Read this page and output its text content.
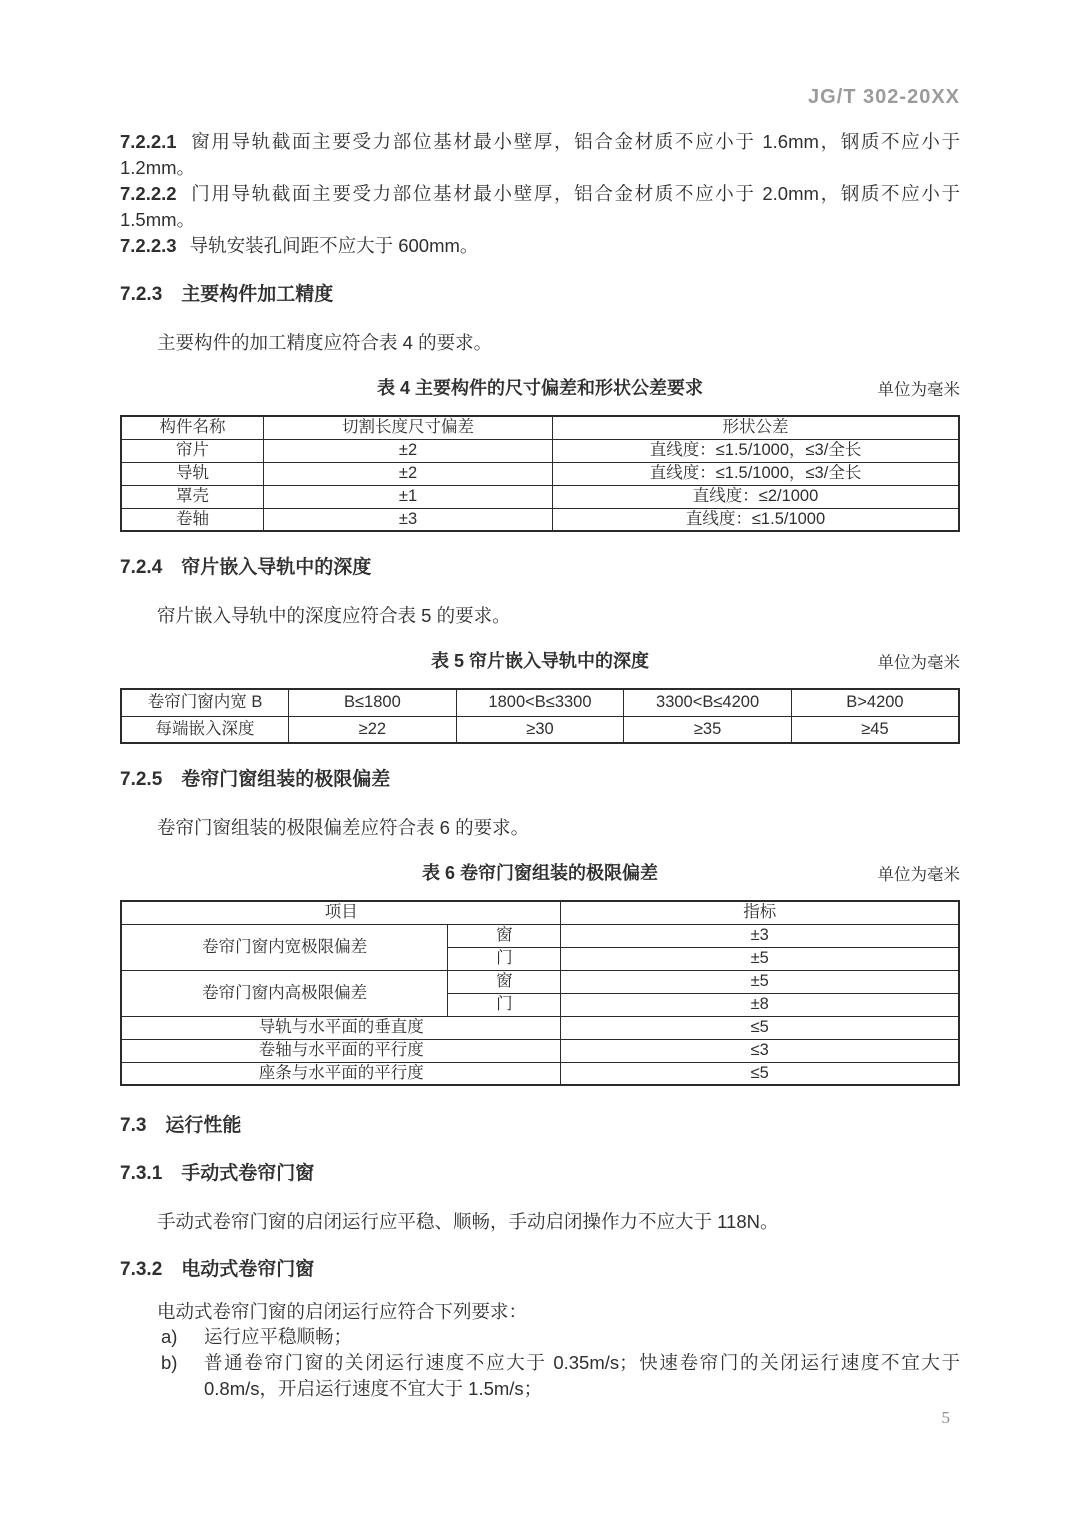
JG/T 302-20XX

7.2.2.1 窗用导轨截面主要受力部位基材最小壁厚，铝合金材质不应小于 1.6mm，钢质不应小于 1.2mm。

7.2.2.2 门用导轨截面主要受力部位基材最小壁厚，铝合金材质不应小于 2.0mm，钢质不应小于 1.5mm。

7.2.2.3 导轨安装孔间距不应大于 600mm。

7.2.3 主要构件加工精度

主要构件的加工精度应符合表 4 的要求。

表 4 主要构件的尺寸偏差和形状公差要求	单位为毫米
构件名称	切割长度尺寸偏差	形状公差
帘片	±2	直线度：≤1.5/1000，≤3/全长
导轨	±2	直线度：≤1.5/1000，≤3/全长
罩壳	±1	直线度：≤2/1000
卷轴	±3	直线度：≤1.5/1000
7.2.4 帘片嵌入导轨中的深度

帘片嵌入导轨中的深度应符合表 5 的要求。

表 5 帘片嵌入导轨中的深度	单位为毫米
卷帘门窗内宽 B	B≤1800	1800<B≤3300	3300<B≤4200	B>4200
每端嵌入深度	≥22	≥30	≥35	≥45
7.2.5 卷帘门窗组装的极限偏差

卷帘门窗组装的极限偏差应符合表 6 的要求。

表 6 卷帘门窗组装的极限偏差	单位为毫米
项目		指标
卷帘门窗内宽极限偏差	窗	±3
	门	±5
卷帘门窗内高极限偏差	窗	±5
	门	±8
导轨与水平面的垂直度		≤5
卷轴与水平面的平行度		≤3
座条与水平面的平行度		≤5
7.3 运行性能
7.3.1 手动式卷帘门窗

手动式卷帘门窗的启闭运行应平稳、顺畅，手动启闭操作力不应大于 118N。

7.3.2 电动式卷帘门窗

电动式卷帘门窗的启闭运行应符合下列要求：

a)	运行应平稳顺畅；
b)	普通卷帘门窗的关闭运行速度不应大于 0.35m/s；快速卷帘门的关闭运行速度不宜大于 0.8m/s，开启运行速度不宜大于 1.5m/s；
5
